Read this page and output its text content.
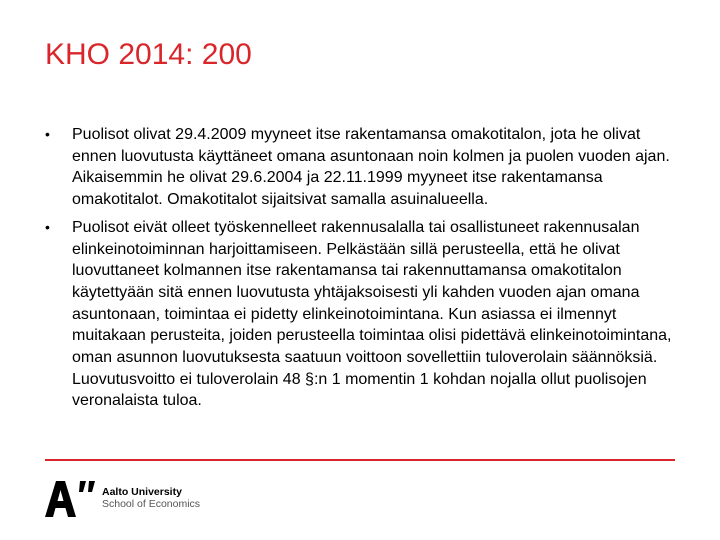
KHO 2014: 200
•	Puolisot olivat 29.4.2009 myyneet itse rakentamansa omakotitalon, jota he olivat ennen luovutusta käyttäneet omana asuntonaan noin kolmen ja puolen vuoden ajan. Aikaisemmin he olivat 29.6.2004 ja 22.11.1999 myyneet itse rakentamansa omakotitalot. Omakotitalot sijaitsivat samalla asuinalueella.
•	Puolisot eivät olleet työskennelleet rakennusalalla tai osallistuneet rakennusalan elinkeinotoiminnan harjoittamiseen. Pelkästään sillä perusteella, että he olivat luovuttaneet kolmannen itse rakentamansa tai rakennuttamansa omakotitalon käytettyään sitä ennen luovutusta yhtäjaksoisesti yli kahden vuoden ajan omana asuntonaan, toimintaa ei pidetty elinkeinotoimintana. Kun asiassa ei ilmennyt muitakaan perusteita, joiden perusteella toimintaa olisi pidettävä elinkeinotoimintana, oman asunnon luovutuksesta saatuun voittoon sovellettiin tuloverolain säännöksiä. Luovutusvoitto ei tuloverolain 48 §:n 1 momentin 1 kohdan nojalla ollut puolisojen veronalaista tuloa.
Aalto University
School of Economics
